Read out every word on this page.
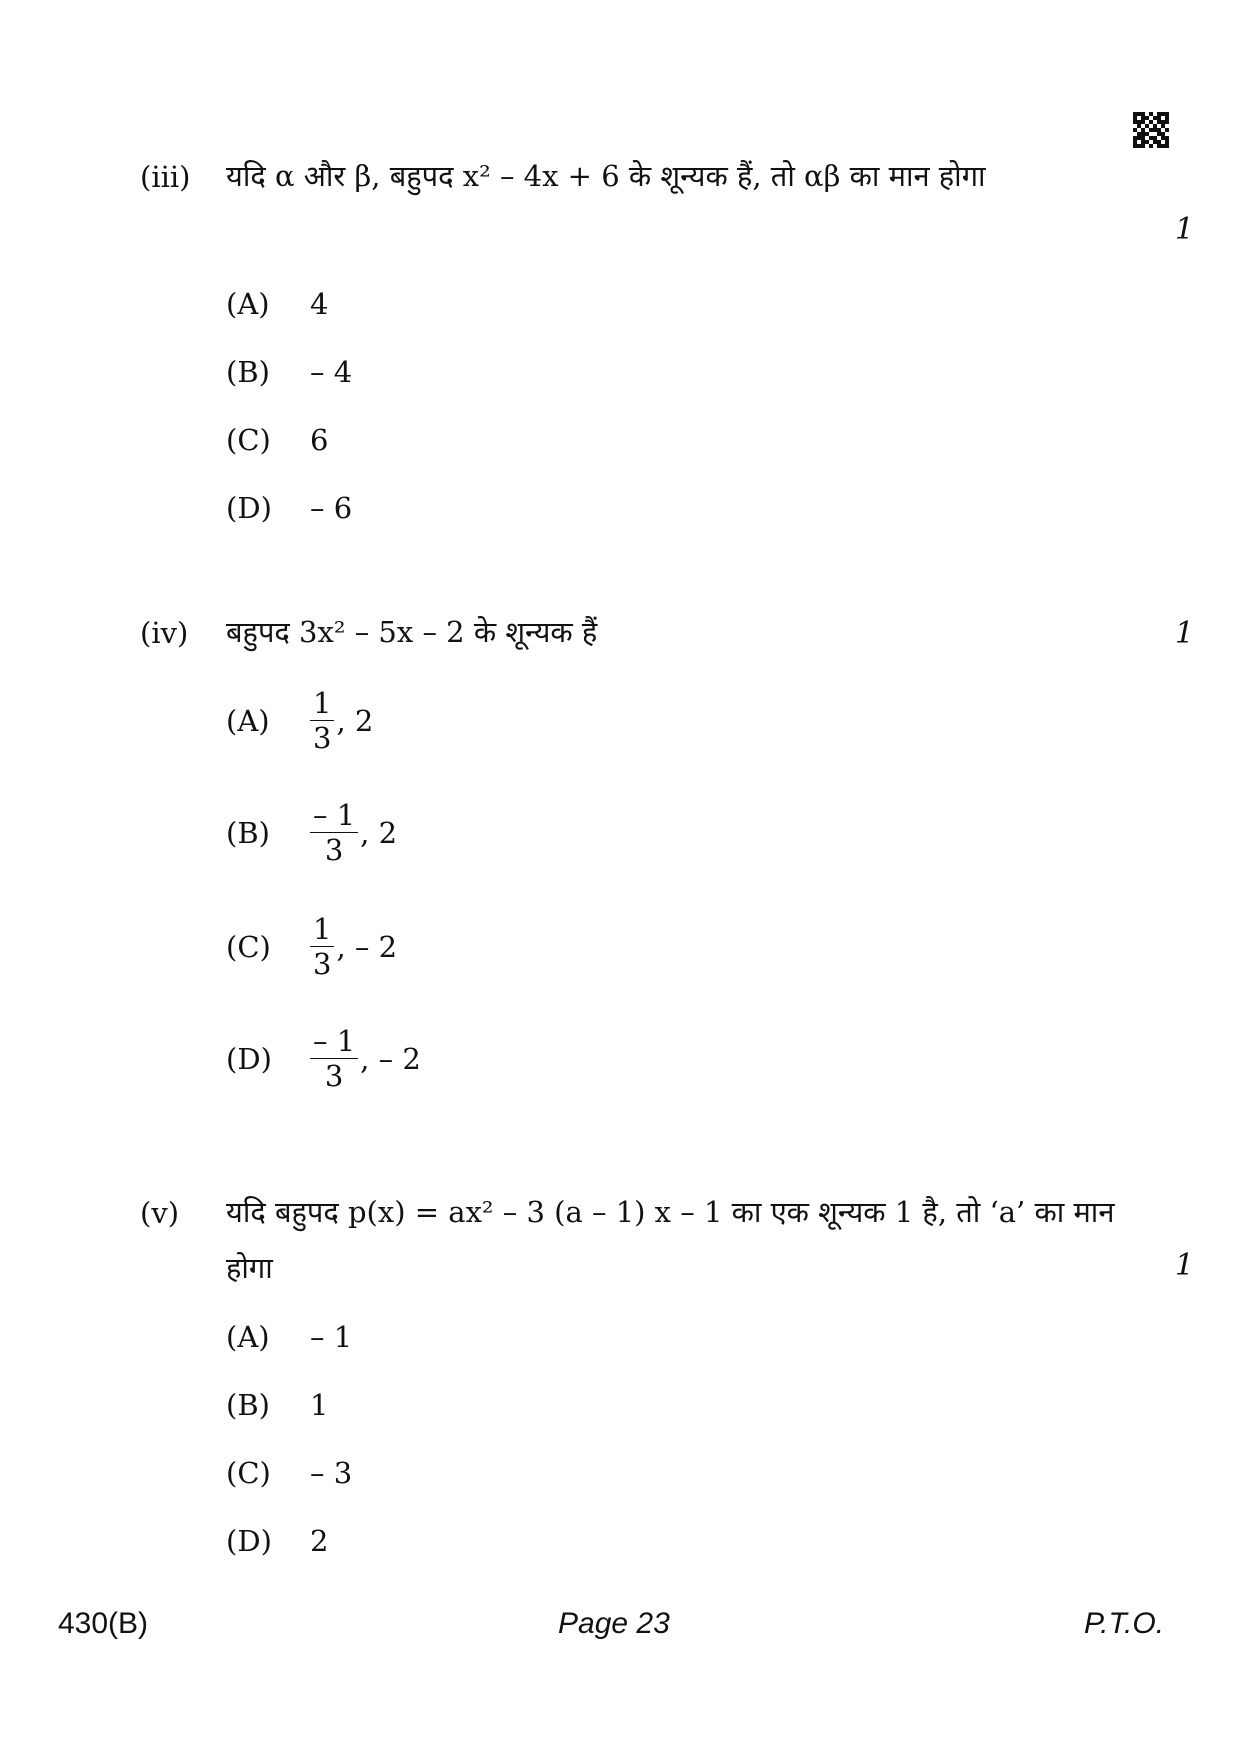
(iii) यदि α और β, बहुपद x² – 4x + 6 के शून्यक हैं, तो αβ का मान होगा
1
(A) 4
(B) – 4
(C) 6
(D) – 6
(iv) बहुपद 3x² – 5x – 2 के शून्यक हैं	1
$(A) \frac{1}{3}$ , 2
$(B) \frac{- 1}{3}$ , 2
$(C) \frac{1}{3}$ , – 2
$(D) \frac{- 1}{3}$ , – 2
(v) यदि बहुपद p(x) = ax² – 3 (a – 1) x – 1 का एक शून्यक 1 है, तो ‘a’ का मान होगा	1
(A) – 1
(B) 1
(C) – 3
(D) 2
430(B)	Page 23	P.T.O.
